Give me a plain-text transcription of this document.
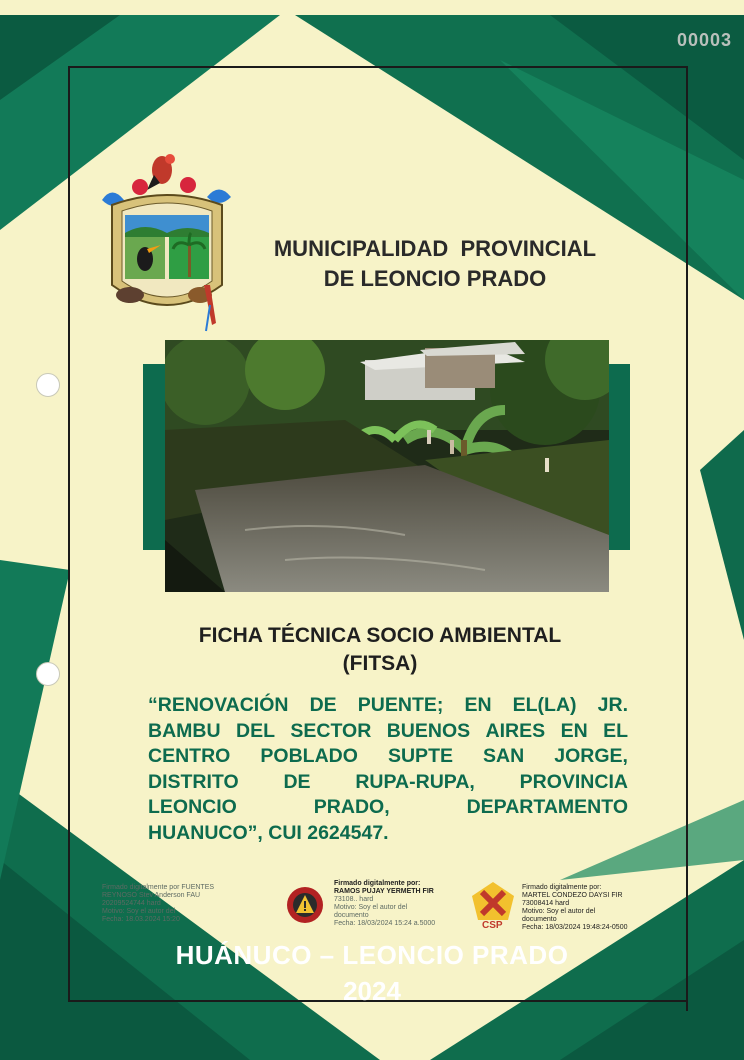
00003
MUNICIPALIDAD  PROVINCIAL
DE LEONCIO PRADO
FICHA TÉCNICA SOCIO AMBIENTAL
(FITSA)
“RENOVACIÓN DE PUENTE; EN EL(LA) JR.
BAMBU DEL SECTOR BUENOS AIRES EN EL
CENTRO POBLADO SUPTE SAN JORGE,
DISTRITO DE RUPA-RUPA, PROVINCIA
LEONCIO	PRADO,	DEPARTAMENTO
HUANUCO”, CUI 2624547.
Firmado digitalmente por FUENTES
REYNOSO Stev Anderson FAU
20209524744 hard
Motivo: Soy el autor del
Fecha: 18.03.2024 15:20
Firmado digitalmente por:
RAMOS PUJAY YERMETH FIR
73108.. hard
Motivo: Soy el autor del
documento
Fecha: 18/03/2024 15:24 a.5000	CSP
Firmado digitalmente por:
MARTEL CONDEZO DAYSI FIR
73008414 hard
Motivo: Soy el autor del
documento
Fecha: 18/03/2024 19:48:24-0500
HUÁNUCO – LEONCIO PRADO
2024
